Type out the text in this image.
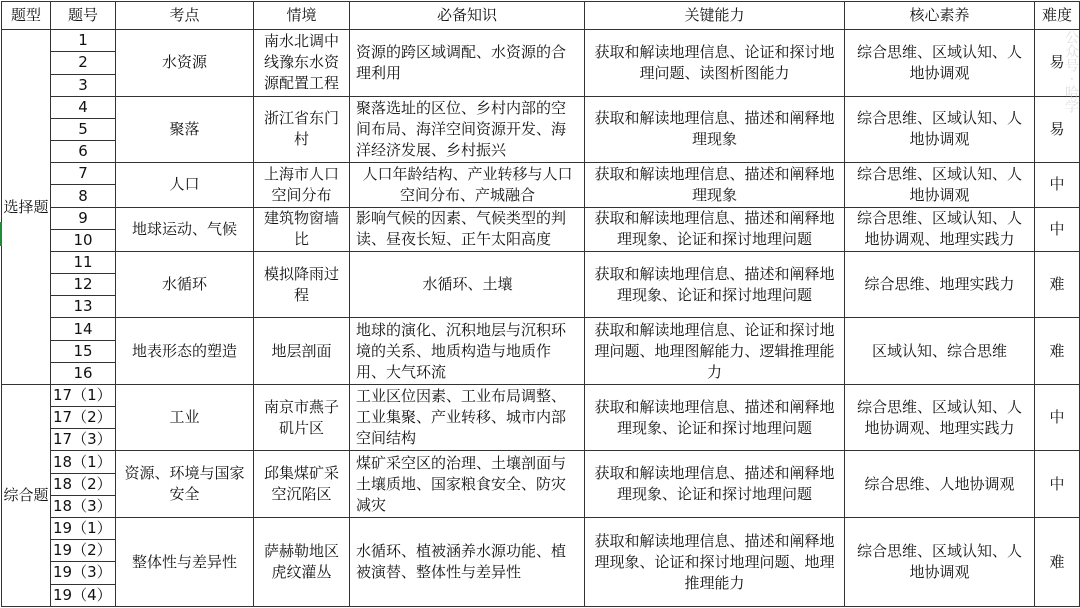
题型	题号	考点	情境	必备知识	关键能力	核心素养	难度
选择题	1	水资源	南水北调中线豫东水资源配置工程	资源的跨区域调配、水资源的合理利用	获取和解读地理信息、论证和探讨地理问题、读图析图能力	综合思维、区域认知、人地协调观	易
	2						
	3						
	4	聚落	浙江省东门村	聚落选址的区位、乡村内部的空间布局、海洋空间资源开发、海洋经济发展、乡村振兴	获取和解读地理信息、描述和阐释地理现象	综合思维、区域认知、人地协调观	易
	5						
	6						
	7	人口	上海市人口空间分布	人口年龄结构、产业转移与人口空间分布、产城融合	获取和解读地理信息、描述和阐释地理现象	综合思维、区域认知、人地协调观	中
	8						
	9	地球运动、气候	建筑物窗墙比	影响气候的因素、气候类型的判读、昼夜长短、正午太阳高度	获取和解读地理信息、描述和阐释地理现象、论证和探讨地理问题	综合思维、区域认知、人地协调观、地理实践力	中
	10						
	11	水循环	模拟降雨过程	水循环、土壤	获取和解读地理信息、描述和阐释地理现象、论证和探讨地理问题	综合思维、地理实践力	难
	12						
	13						
	14	地表形态的塑造	地层剖面	地球的演化、沉积地层与沉积环境的关系、地质构造与地质作用、大气环流	获取和解读地理信息、论证和探讨地理问题、地理图解能力、逻辑推理能力	区域认知、综合思维	难
	15						
	16						
综合题	17（1）	工业	南京市燕子矶片区	工业区位因素、工业布局调整、工业集聚、产业转移、城市内部空间结构	获取和解读地理信息、描述和阐释地理现象、论证和探讨地理问题	综合思维、区域认知、人地协调观、地理实践力	中
	17（2）						
	17（3）						
	18（1）	资源、环境与国家安全	邱集煤矿采空沉陷区	煤矿采空区的治理、土壤剖面与土壤质地、国家粮食安全、防灾减灾	获取和解读地理信息、描述和阐释地理现象、论证和探讨地理问题	综合思维、人地协调观	中
	18（2）						
	18（3）						
	19（1）	整体性与差异性	萨赫勒地区虎纹灌丛	水循环、植被涵养水源功能、植被演替、整体性与差异性	获取和解读地理信息、描述和阐释地理现象、论证和探讨地理问题、地理推理能力	综合思维、区域认知、人地协调观	难
	19（2）						
	19（3）						
	19（4）						
公众号 · 哈学
